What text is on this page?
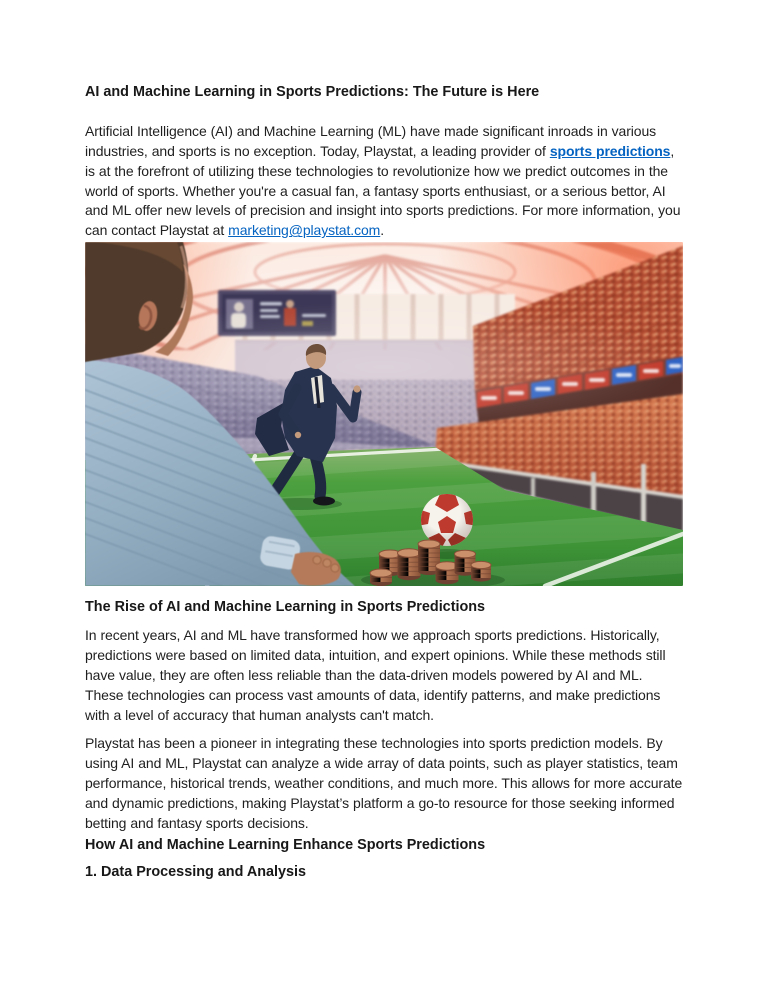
AI and Machine Learning in Sports Predictions: The Future is Here

Artificial Intelligence (AI) and Machine Learning (ML) have made significant inroads in various industries, and sports is no exception. Today, Playstat, a leading provider of sports predictions, is at the forefront of utilizing these technologies to revolutionize how we predict outcomes in the world of sports. Whether you're a casual fan, a fantasy sports enthusiast, or a serious bettor, AI and ML offer new levels of precision and insight into sports predictions. For more information, you can contact Playstat at marketing@playstat.com.

The Rise of AI and Machine Learning in Sports Predictions

In recent years, AI and ML have transformed how we approach sports predictions. Historically, predictions were based on limited data, intuition, and expert opinions. While these methods still have value, they are often less reliable than the data-driven models powered by AI and ML. These technologies can process vast amounts of data, identify patterns, and make predictions with a level of accuracy that human analysts can't match.

Playstat has been a pioneer in integrating these technologies into sports prediction models. By using AI and ML, Playstat can analyze a wide array of data points, such as player statistics, team performance, historical trends, weather conditions, and much more. This allows for more accurate and dynamic predictions, making Playstat’s platform a go-to resource for those seeking informed betting and fantasy sports decisions.

How AI and Machine Learning Enhance Sports Predictions
1. Data Processing and Analysis
